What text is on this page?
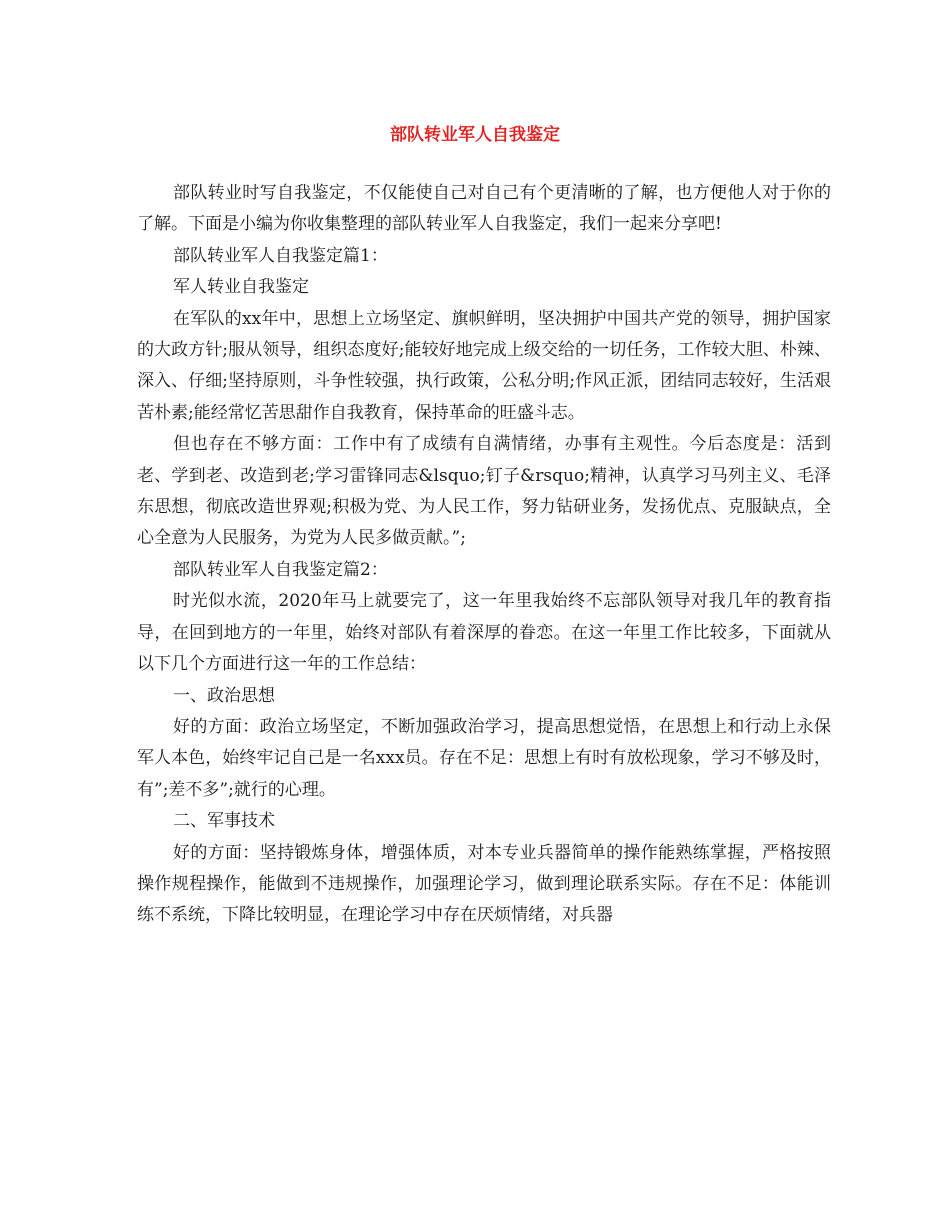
部队转业军人自我鉴定

部队转业时写自我鉴定，不仅能使自己对自己有个更清晰的了解，也方便他人对于你的了解。下面是小编为你收集整理的部队转业军人自我鉴定，我们一起来分享吧!

部队转业军人自我鉴定篇1：

军人转业自我鉴定

在军队的xx年中，思想上立场坚定、旗帜鲜明，坚决拥护中国共产党的领导，拥护国家的大政方针;服从领导，组织态度好;能较好地完成上级交给的一切任务，工作较大胆、朴辣、深入、仔细;坚持原则，斗争性较强，执行政策，公私分明;作风正派，团结同志较好，生活艰苦朴素;能经常忆苦思甜作自我教育，保持革命的旺盛斗志。

但也存在不够方面：工作中有了成绩有自满情绪，办事有主观性。今后态度是：活到老、学到老、改造到老;学习雷锋同志&lsquo;钉子&rsquo;精神，认真学习马列主义、毛泽东思想，彻底改造世界观;积极为党、为人民工作，努力钻研业务，发扬优点、克服缺点，全心全意为人民服务，为党为人民多做贡献。”;

部队转业军人自我鉴定篇2：

时光似水流，2020年马上就要完了，这一年里我始终不忘部队领导对我几年的教育指导，在回到地方的一年里，始终对部队有着深厚的眷恋。在这一年里工作比较多，下面就从以下几个方面进行这一年的工作总结：

一、政治思想

好的方面：政治立场坚定，不断加强政治学习，提高思想觉悟，在思想上和行动上永保军人本色，始终牢记自己是一名xxx员。存在不足：思想上有时有放松现象，学习不够及时，有”;差不多”;就行的心理。

二、军事技术

好的方面：坚持锻炼身体，增强体质，对本专业兵器简单的操作能熟练掌握，严格按照操作规程操作，能做到不违规操作，加强理论学习，做到理论联系实际。存在不足：体能训练不系统，下降比较明显，在理论学习中存在厌烦情绪，对兵器
